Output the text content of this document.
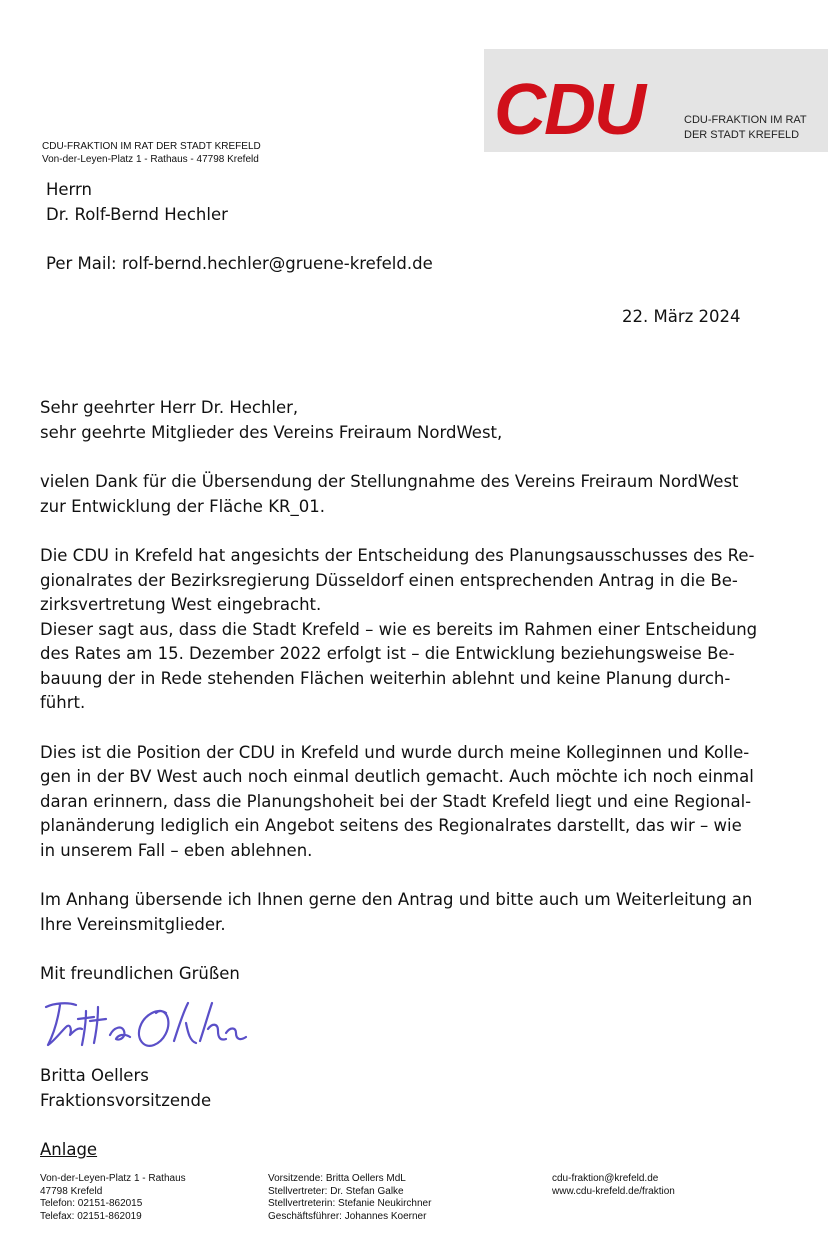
CDU	CDU-FRAKTION IM RAT
DER STADT KREFELD
CDU-FRAKTION IM RAT DER STADT KREFELD
Von-der-Leyen-Platz 1 - Rathaus - 47798 Krefeld

Herrn

Dr. Rolf-Bernd Hechler

Per Mail: rolf-bernd.hechler@gruene-krefeld.de
22. März 2024

Sehr geehrter Herr Dr. Hechler,

sehr geehrte Mitglieder des Vereins Freiraum NordWest,

vielen Dank für die Übersendung der Stellungnahme des Vereins Freiraum NordWest

zur Entwicklung der Fläche KR_01.

Die CDU in Krefeld hat angesichts der Entscheidung des Planungsausschusses des Re-

gionalrates der Bezirksregierung Düsseldorf einen entsprechenden Antrag in die Be-

zirksvertretung West eingebracht.

Dieser sagt aus, dass die Stadt Krefeld – wie es bereits im Rahmen einer Entscheidung

des Rates am 15. Dezember 2022 erfolgt ist – die Entwicklung beziehungsweise Be-

bauung der in Rede stehenden Flächen weiterhin ablehnt und keine Planung durch-

führt.

Dies ist die Position der CDU in Krefeld und wurde durch meine Kolleginnen und Kolle-

gen in der BV West auch noch einmal deutlich gemacht. Auch möchte ich noch einmal

daran erinnern, dass die Planungshoheit bei der Stadt Krefeld liegt und eine Regional-

planänderung lediglich ein Angebot seitens des Regionalrates darstellt, das wir – wie

in unserem Fall – eben ablehnen.

Im Anhang übersende ich Ihnen gerne den Antrag und bitte auch um Weiterleitung an

Ihre Vereinsmitglieder.

Mit freundlichen Grüßen

Britta Oellers
Fraktionsvorsitzende
Anlage
Von-der-Leyen-Platz 1 - Rathaus
47798 Krefeld
Telefon: 02151-862015
Telefax: 02151-862019
Vorsitzende: Britta Oellers MdL
Stellvertreter: Dr. Stefan Galke
Stellvertreterin: Stefanie Neukirchner
Geschäftsführer: Johannes Koerner
cdu-fraktion@krefeld.de
www.cdu-krefeld.de/fraktion
